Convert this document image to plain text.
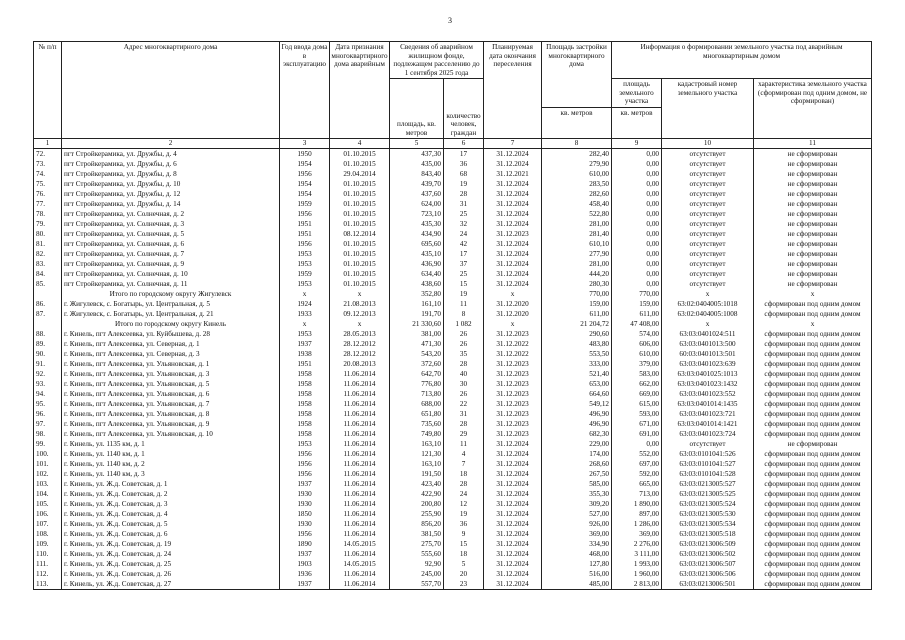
3
№ п/п	Адрес многоквартирного дома	Год ввода дома в эксплуатацию	Дата признания многоквартирного дома аварийным	Сведения об аварийном жилищном фонде, подлежащем расселению до 1 сентября 2025 года		Планируемая дата окончания переселения	Площадь застройки многоквартирного дома	Информация о формировании земельного участка под аварийным многоквартирным домом		
				площадь, кв. метров	количество человек, граждан			площадь земельного участка	кадастровый номер земельного участка	характеристика земельного участка (сформирован под одним домом, не сформирован)
							кв. метров	кв. метров		
1	2	3	4	5	6	7	8	9	10	11
72.	пгт Стройкерамика, ул. Дружбы, д. 4	1950	01.10.2015	437,30	17	31.12.2024	282,40	0,00	отсутствует	не сформирован
73.	пгт Стройкерамика, ул. Дружбы, д. 6	1954	01.10.2015	435,00	36	31.12.2024	279,90	0,00	отсутствует	не сформирован
74.	пгт Стройкерамика, ул. Дружбы, д. 8	1956	29.04.2014	843,40	68	31.12.2021	610,00	0,00	отсутствует	не сформирован
75.	пгт Стройкерамика, ул. Дружбы, д. 10	1954	01.10.2015	439,70	19	31.12.2024	283,50	0,00	отсутствует	не сформирован
76.	пгт Стройкерамика, ул. Дружбы, д. 12	1954	01.10.2015	437,60	28	31.12.2024	282,60	0,00	отсутствует	не сформирован
77.	пгт Стройкерамика, ул. Дружбы, д. 14	1959	01.10.2015	624,00	31	31.12.2024	458,40	0,00	отсутствует	не сформирован
78.	пгт Стройкерамика, ул. Солнечная, д. 2	1956	01.10.2015	723,10	25	31.12.2024	522,80	0,00	отсутствует	не сформирован
79.	пгт Стройкерамика, ул. Солнечная, д. 3	1951	01.10.2015	435,30	32	31.12.2024	281,00	0,00	отсутствует	не сформирован
80.	пгт Стройкерамика, ул. Солнечная, д. 5	1951	08.12.2014	434,90	24	31.12.2023	281,40	0,00	отсутствует	не сформирован
81.	пгт Стройкерамика, ул. Солнечная, д. 6	1956	01.10.2015	695,60	42	31.12.2024	610,10	0,00	отсутствует	не сформирован
82.	пгт Стройкерамика, ул. Солнечная, д. 7	1953	01.10.2015	435,10	17	31.12.2024	277,90	0,00	отсутствует	не сформирован
83.	пгт Стройкерамика, ул. Солнечная, д. 9	1953	01.10.2015	436,90	37	31.12.2024	281,00	0,00	отсутствует	не сформирован
84.	пгт Стройкерамика, ул. Солнечная, д. 10	1959	01.10.2015	634,40	25	31.12.2024	444,20	0,00	отсутствует	не сформирован
85.	пгт Стройкерамика, ул. Солнечная, д. 11	1953	01.10.2015	438,60	15	31.12.2024	280,30	0,00	отсутствует	не сформирован
	Итого по городскому округу Жигулевск	x	x	352,80	19	x	770,00	770,00	x	x
86.	г. Жигулевск, с. Богатырь, ул. Центральная, д. 5	1924	21.08.2013	161,10	11	31.12.2020	159,00	159,00	63:02:0404005:1018	сформирован под одним домом
87.	г. Жигулевск, с. Богатырь, ул. Центральная, д. 21	1933	09.12.2013	191,70	8	31.12.2020	611,00	611,00	63:02:0404005:1008	сформирован под одним домом
	Итого по городскому округу Кинель	x	x	21 330,60	1 082	x	21 204,72	47 408,00	x	x
88.	г. Кинель, пгт Алексеевка, ул. Куйбышева, д. 28	1953	28.05.2013	381,00	26	31.12.2023	290,60	574,00	63:03:0401024:511	сформирован под одним домом
89.	г. Кинель, пгт Алексеевка, ул. Северная, д. 1	1937	28.12.2012	471,30	26	31.12.2022	483,80	606,00	63:03:0401013:500	сформирован под одним домом
90.	г. Кинель, пгт Алексеевка, ул. Северная, д. 3	1938	28.12.2012	543,20	35	31.12.2022	553,50	610,00	60:03:0401013:501	сформирован под одним домом
91.	г. Кинель, пгт Алексеевка, ул. Ульяновская, д. 1	1951	20.08.2013	372,60	28	31.12.2023	333,00	379,00	63:03:0401023:639	сформирован под одним домом
92.	г. Кинель, пгт Алексеевка, ул. Ульяновская, д. 3	1958	11.06.2014	642,70	40	31.12.2023	521,40	583,00	63:03:0401025:1013	сформирован под одним домом
93.	г. Кинель, пгт Алексеевка, ул. Ульяновская, д. 5	1958	11.06.2014	776,80	30	31.12.2023	653,00	662,00	63:03:0401023:1432	сформирован под одним домом
94.	г. Кинель, пгт Алексеевка, ул. Ульяновская, д. 6	1958	11.06.2014	713,80	26	31.12.2023	664,60	669,00	63:03:0401023:552	сформирован под одним домом
95.	г. Кинель, пгт Алексеевка, ул. Ульяновская, д. 7	1958	11.06.2014	688,00	22	31.12.2023	549,12	615,00	63:03:0401014:1435	сформирован под одним домом
96.	г. Кинель, пгт Алексеевка, ул. Ульяновская, д. 8	1958	11.06.2014	651,80	31	31.12.2023	496,90	593,00	63:03:0401023:721	сформирован под одним домом
97.	г. Кинель, пгт Алексеевка, ул. Ульяновская, д. 9	1958	11.06.2014	735,60	28	31.12.2023	496,90	671,00	63:03:0401014:1421	сформирован под одним домом
98.	г. Кинель, пгт Алексеевка, ул. Ульяновская, д. 10	1958	11.06.2014	749,80	29	31.12.2023	682,30	691,00	63:03:0401023:724	сформирован под одним домом
99.	г. Кинель, ул. 1135 км, д. 1	1953	11.06.2014	163,10	11	31.12.2024	229,00	0,00	отсутствует	не сформирован
100.	г. Кинель, ул. 1140 км, д. 1	1956	11.06.2014	121,30	4	31.12.2024	174,00	552,00	63:03:0101041:526	сформирован под одним домом
101.	г. Кинель, ул. 1140 км, д. 2	1956	11.06.2014	163,10	7	31.12.2024	268,60	697,00	63:03:0101041:527	сформирован под одним домом
102.	г. Кинель, ул. 1140 км, д. 3	1956	11.06.2014	191,50	18	31.12.2024	267,50	592,00	63:03:0101041:528	сформирован под одним домом
103.	г. Кинель, ул. Ж.д. Советская, д. 1	1937	11.06.2014	423,40	28	31.12.2024	585,00	665,00	63:03:0213005:527	сформирован под одним домом
104.	г. Кинель, ул. Ж.д. Советская, д. 2	1930	11.06.2014	422,90	24	31.12.2024	355,30	713,00	63:03:0213005:525	сформирован под одним домом
105.	г. Кинель, ул. Ж.д. Советская, д. 3	1930	11.06.2014	200,80	12	31.12.2024	309,20	1 890,00	63:03:0213005:524	сформирован под одним домом
106.	г. Кинель, ул. Ж.д. Советская, д. 4	1850	11.06.2014	255,90	19	31.12.2024	527,00	897,00	63:03:0213005:530	сформирован под одним домом
107.	г. Кинель, ул. Ж.д. Советская, д. 5	1930	11.06.2014	856,20	36	31.12.2024	926,00	1 286,00	63:03:0213005:534	сформирован под одним домом
108.	г. Кинель, ул. Ж.д. Советская, д. 6	1956	11.06.2014	381,50	9	31.12.2024	369,00	369,00	63:03:0213005:518	сформирован под одним домом
109.	г. Кинель, ул. Ж.д. Советская, д. 19	1890	14.05.2015	275,70	15	31.12.2024	334,90	2 276,00	63:03:0213006:509	сформирован под одним домом
110.	г. Кинель, ул. Ж.д. Советская, д. 24	1937	11.06.2014	555,60	18	31.12.2024	468,00	3 111,00	63:03:0213006:502	сформирован под одним домом
111.	г. Кинель, ул. Ж.д. Советская, д. 25	1903	14.05.2015	92,90	5	31.12.2024	127,80	1 993,00	63:03:0213006:507	сформирован под одним домом
112.	г. Кинель, ул. Ж.д. Советская, д. 26	1936	11.06.2014	245,00	20	31.12.2024	516,00	1 960,00	63:03:0213006:506	сформирован под одним домом
113.	г. Кинель, ул. Ж.д. Советская, д. 27	1937	11.06.2014	557,70	23	31.12.2024	485,00	2 813,00	63:03:0213006:501	сформирован под одним домом
